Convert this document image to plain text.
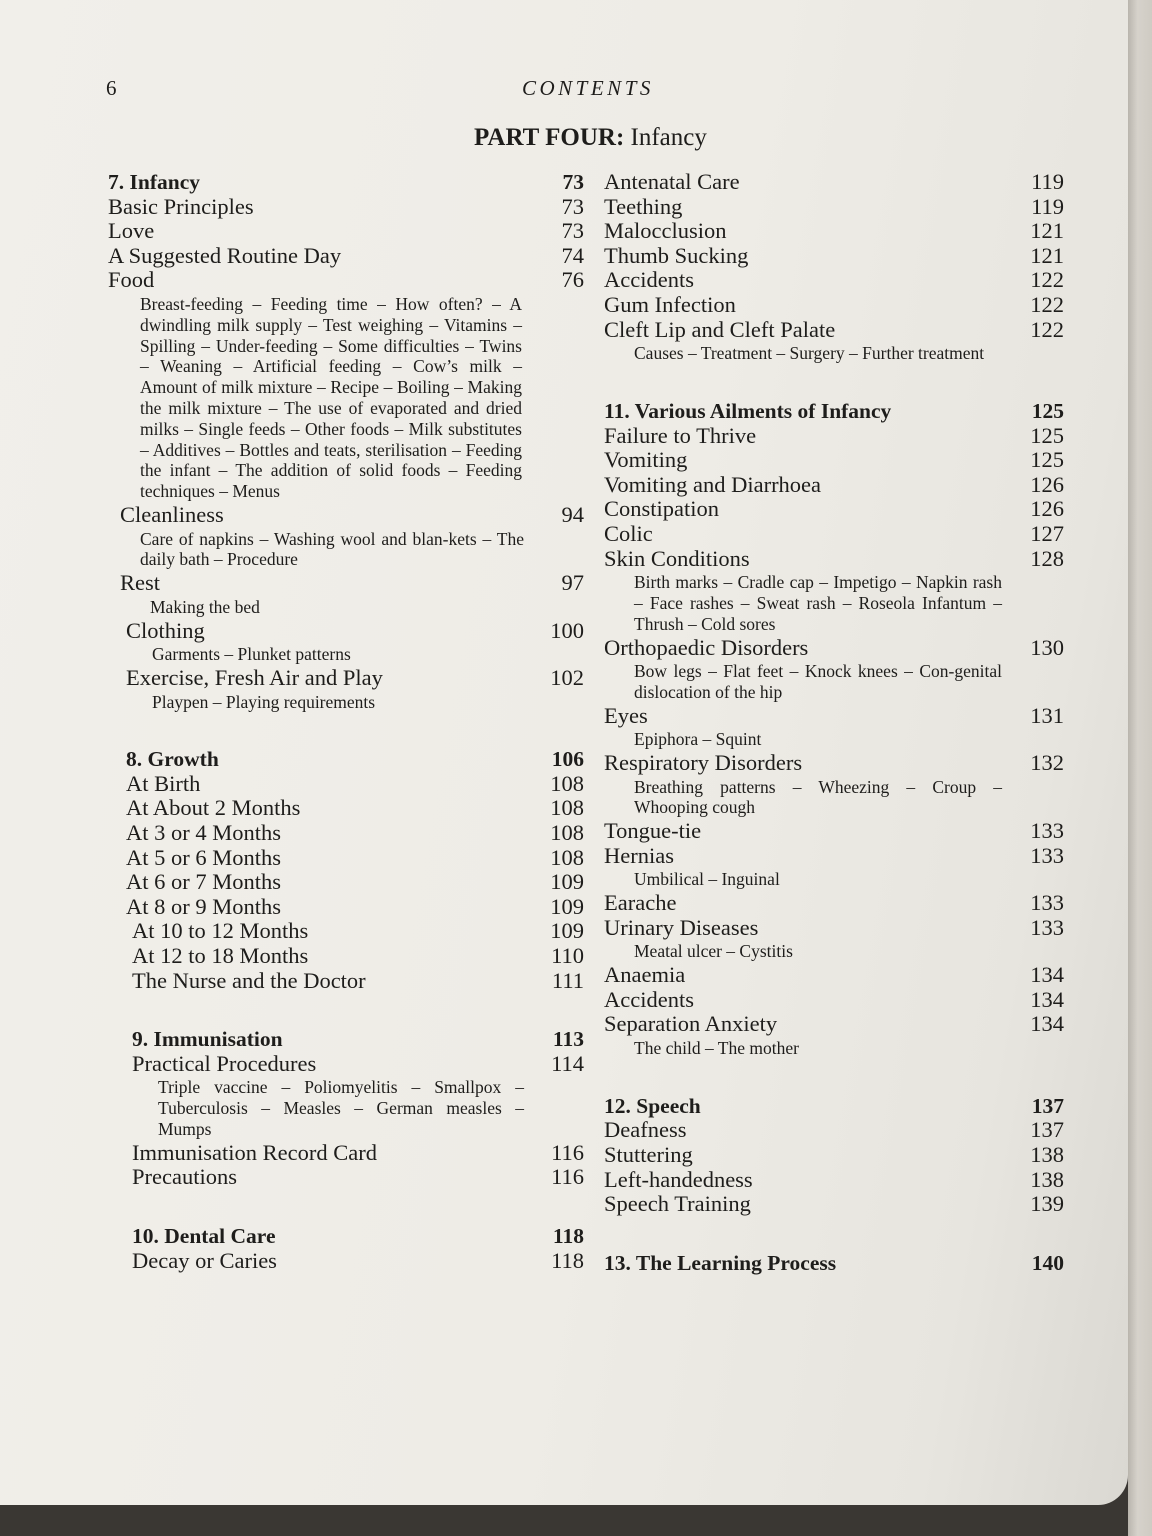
6	CONTENTS
PART FOUR: Infancy
7. Infancy	73
Basic Principles	73
Love	73
A Suggested Routine Day	74
Food	76
Breast-feeding – Feeding time – How often? – A dwindling milk supply – Test weighing – Vitamins – Spilling – Under-feeding – Some difficulties – Twins – Weaning – Artificial feeding – Cow’s milk – Amount of milk mixture – Recipe – Boiling – Making the milk mixture – The use of evaporated and dried milks – Single feeds – Other foods – Milk substitutes – Additives – Bottles and teats, sterilisation – Feeding the infant – The addition of solid foods – Feeding techniques – Menus
Cleanliness	94
Care of napkins – Washing wool and blan-kets – The daily bath – Procedure
Rest	97
Making the bed
Clothing	100
Garments – Plunket patterns
Exercise, Fresh Air and Play	102
Playpen – Playing requirements
8. Growth	106
At Birth	108
At About 2 Months	108
At 3 or 4 Months	108
At 5 or 6 Months	108
At 6 or 7 Months	109
At 8 or 9 Months	109
At 10 to 12 Months	109
At 12 to 18 Months	110
The Nurse and the Doctor	111
9. Immunisation	113
Practical Procedures	114
Triple vaccine – Poliomyelitis – Smallpox – Tuberculosis – Measles – German measles – Mumps
Immunisation Record Card	116
Precautions	116
10. Dental Care	118
Decay or Caries	118
Antenatal Care	119
Teething	119
Malocclusion	121
Thumb Sucking	121
Accidents	122
Gum Infection	122
Cleft Lip and Cleft Palate	122
Causes – Treatment – Surgery – Further treatment
11. Various Ailments of Infancy	125
Failure to Thrive	125
Vomiting	125
Vomiting and Diarrhoea	126
Constipation	126
Colic	127
Skin Conditions	128
Birth marks – Cradle cap – Impetigo – Napkin rash – Face rashes – Sweat rash – Roseola Infantum – Thrush – Cold sores
Orthopaedic Disorders	130
Bow legs – Flat feet – Knock knees – Con-genital dislocation of the hip
Eyes	131
Epiphora – Squint
Respiratory Disorders	132
Breathing patterns – Wheezing – Croup – Whooping cough
Tongue-tie	133
Hernias	133
Umbilical – Inguinal
Earache	133
Urinary Diseases	133
Meatal ulcer – Cystitis
Anaemia	134
Accidents	134
Separation Anxiety	134
The child – The mother
12. Speech	137
Deafness	137
Stuttering	138
Left-handedness	138
Speech Training	139
13. The Learning Process	140
